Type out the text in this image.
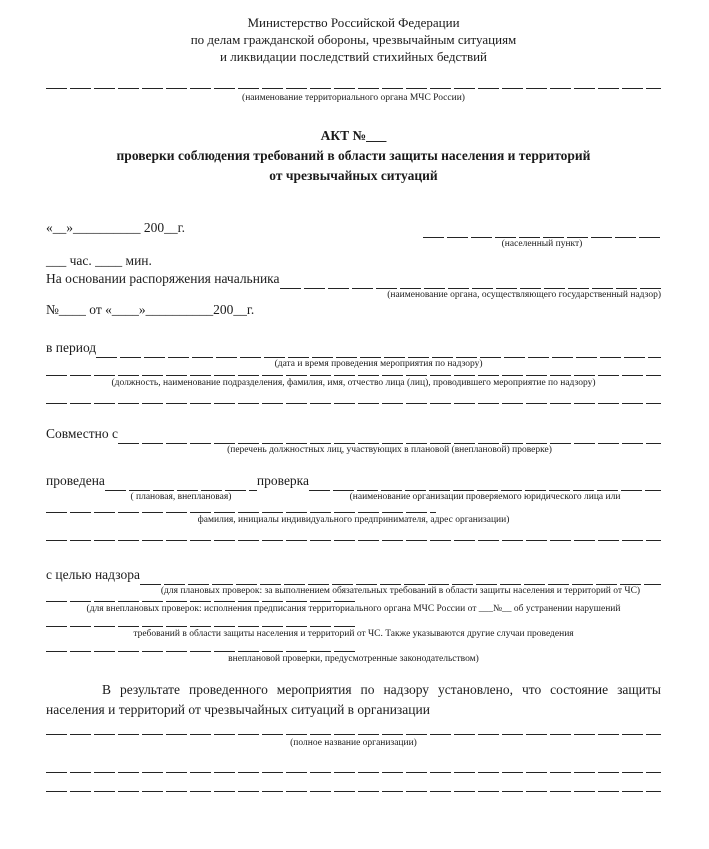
Министерство Российской Федерации
по делам гражданской обороны, чрезвычайным ситуациям
и ликвидации последствий стихийных бедствий
(наименование территориального органа МЧС России)
АКТ №___
проверки соблюдения требований в области защиты населения и территорий
от чрезвычайных ситуаций
«__»__________ 200__г.
(населенный пункт)
___ час. ____ мин.
На основании распоряжения начальника
(наименование органа, осуществляющего государственный надзор)
№____ от «____»__________200__г.
в период
(дата и время проведения мероприятия по надзору)
(должность, наименование подразделения, фамилия, имя, отчество лица (лиц), проводившего мероприятие по надзору)
Совместно с
(перечень должностных лиц, участвующих в плановой (внеплановой) проверке)
проведена
( плановая, внеплановая)
проверка
(наименование организации проверяемого юридического лица или
фамилия, инициалы индивидуального предпринимателя, адрес организации)
с целью надзора
(для плановых проверок: за выполнением обязательных требований в области защиты населения и территорий от ЧС)
(для внеплановых проверок: исполнения предписания территориального органа МЧС России от ___№__ об устранении нарушений
требований в области защиты населения и территорий от ЧС. Также указываются другие случаи проведения
внеплановой проверки, предусмотренные законодательством)
В результате проведенного мероприятия по надзору установлено, что состояние защиты населения и территорий от чрезвычайных ситуаций в организации
(полное название организации)
